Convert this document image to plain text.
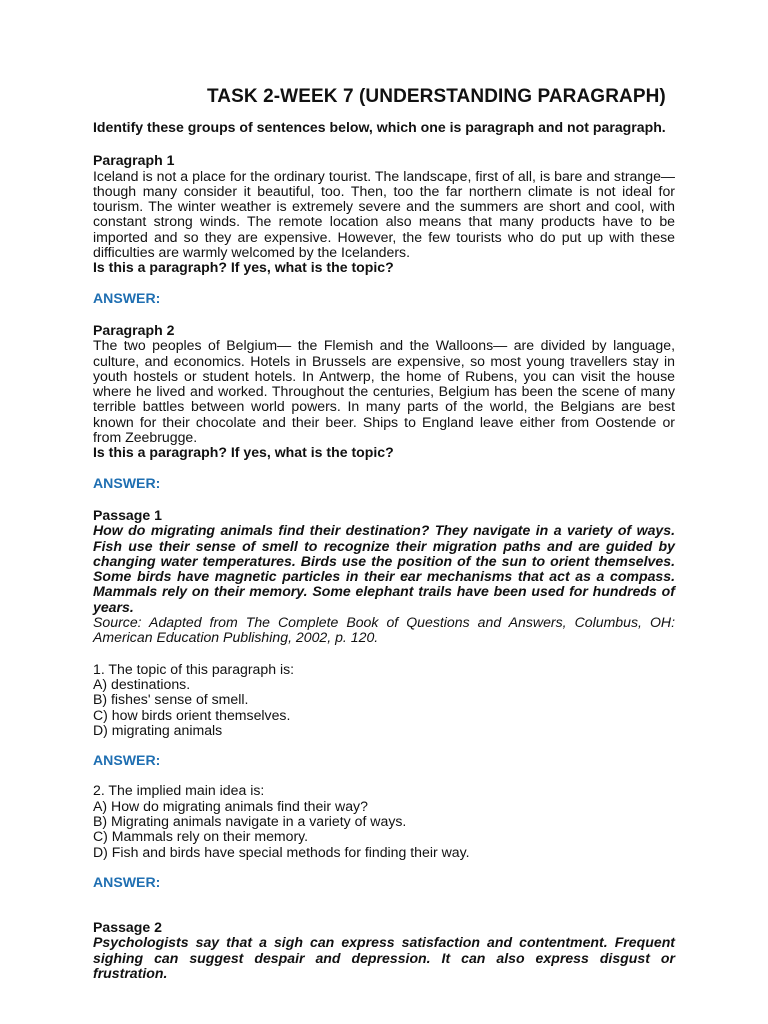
TASK 2-WEEK 7 (UNDERSTANDING PARAGRAPH)

Identify these groups of sentences below, which one is paragraph and not paragraph.

Paragraph 1

Iceland is not a place for the ordinary tourist. The landscape, first of all, is bare and strange—though many consider it beautiful, too. Then, too the far northern climate is not ideal for tourism. The winter weather is extremely severe and the summers are short and cool, with constant strong winds. The remote location also means that many products have to be imported and so they are expensive. However, the few tourists who do put up with these difficulties are warmly welcomed by the Icelanders.

Is this a paragraph? If yes, what is the topic?

ANSWER:

Paragraph 2

The two peoples of Belgium— the Flemish and the Walloons— are divided by language, culture, and economics. Hotels in Brussels are expensive, so most young travellers stay in youth hostels or student hotels. In Antwerp, the home of Rubens, you can visit the house where he lived and worked. Throughout the centuries, Belgium has been the scene of many terrible battles between world powers. In many parts of the world, the Belgians are best known for their chocolate and their beer. Ships to England leave either from Oostende or from Zeebrugge.

Is this a paragraph? If yes, what is the topic?

ANSWER:

Passage 1

How do migrating animals find their destination? They navigate in a variety of ways. Fish use their sense of smell to recognize their migration paths and are guided by changing water temperatures. Birds use the position of the sun to orient themselves. Some birds have magnetic particles in their ear mechanisms that act as a compass. Mammals rely on their memory. Some elephant trails have been used for hundreds of years.

Source: Adapted from The Complete Book of Questions and Answers, Columbus, OH: American Education Publishing, 2002, p. 120.

1. The topic of this paragraph is:

A) destinations.
B) fishes' sense of smell.
C) how birds orient themselves.
D) migrating animals

ANSWER:

2. The implied main idea is:

A) How do migrating animals find their way?
B) Migrating animals navigate in a variety of ways.
C) Mammals rely on their memory.
D) Fish and birds have special methods for finding their way.

ANSWER:

Passage 2

Psychologists say that a sigh can express satisfaction and contentment. Frequent sighing can suggest despair and depression. It can also express disgust or frustration.
